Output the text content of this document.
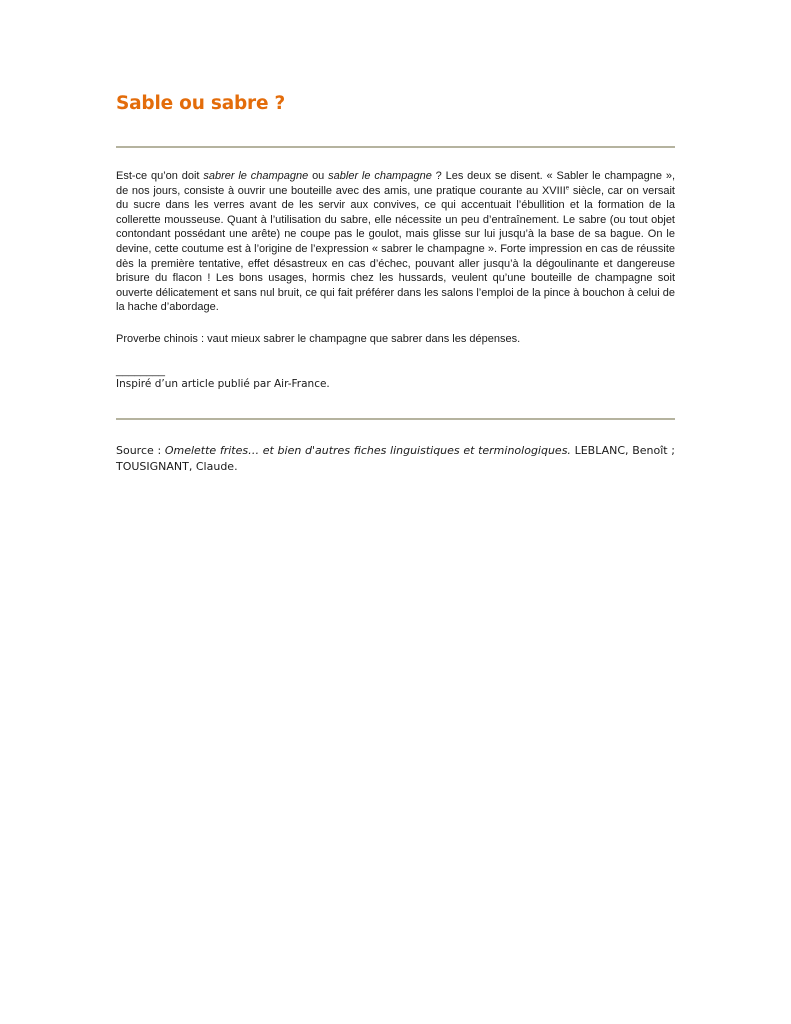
Sable ou sabre ?

Est-ce qu’on doit sabrer le champagne ou sabler le champagne ? Les deux se disent. « Sabler le champagne », de nos jours, consiste à ouvrir une bouteille avec des amis, une pratique courante au XVIIIe siècle, car on versait du sucre dans les verres avant de les servir aux convives, ce qui accentuait l’ébullition et la formation de la collerette mousseuse. Quant à l’utilisation du sabre, elle nécessite un peu d’entraînement. Le sabre (ou tout objet contondant possédant une arête) ne coupe pas le goulot, mais glisse sur lui jusqu’à la base de sa bague. On le devine, cette coutume est à l’origine de l’expression « sabrer le champagne ». Forte impression en cas de réussite dès la première tentative, effet désastreux en cas d’échec, pouvant aller jusqu’à la dégoulinante et dangereuse brisure du flacon ! Les bons usages, hormis chez les hussards, veulent qu’une bouteille de champagne soit ouverte délicatement et sans nul bruit, ce qui fait préférer dans les salons l’emploi de la pince à bouchon à celui de la hache d’abordage.

Proverbe chinois : vaut mieux sabrer le champagne que sabrer dans les dépenses.

________

Inspiré d’un article publié par Air-France.

Source : Omelette frites… et bien d'autres fiches linguistiques et terminologiques. LEBLANC, Benoît ; TOUSIGNANT, Claude.
